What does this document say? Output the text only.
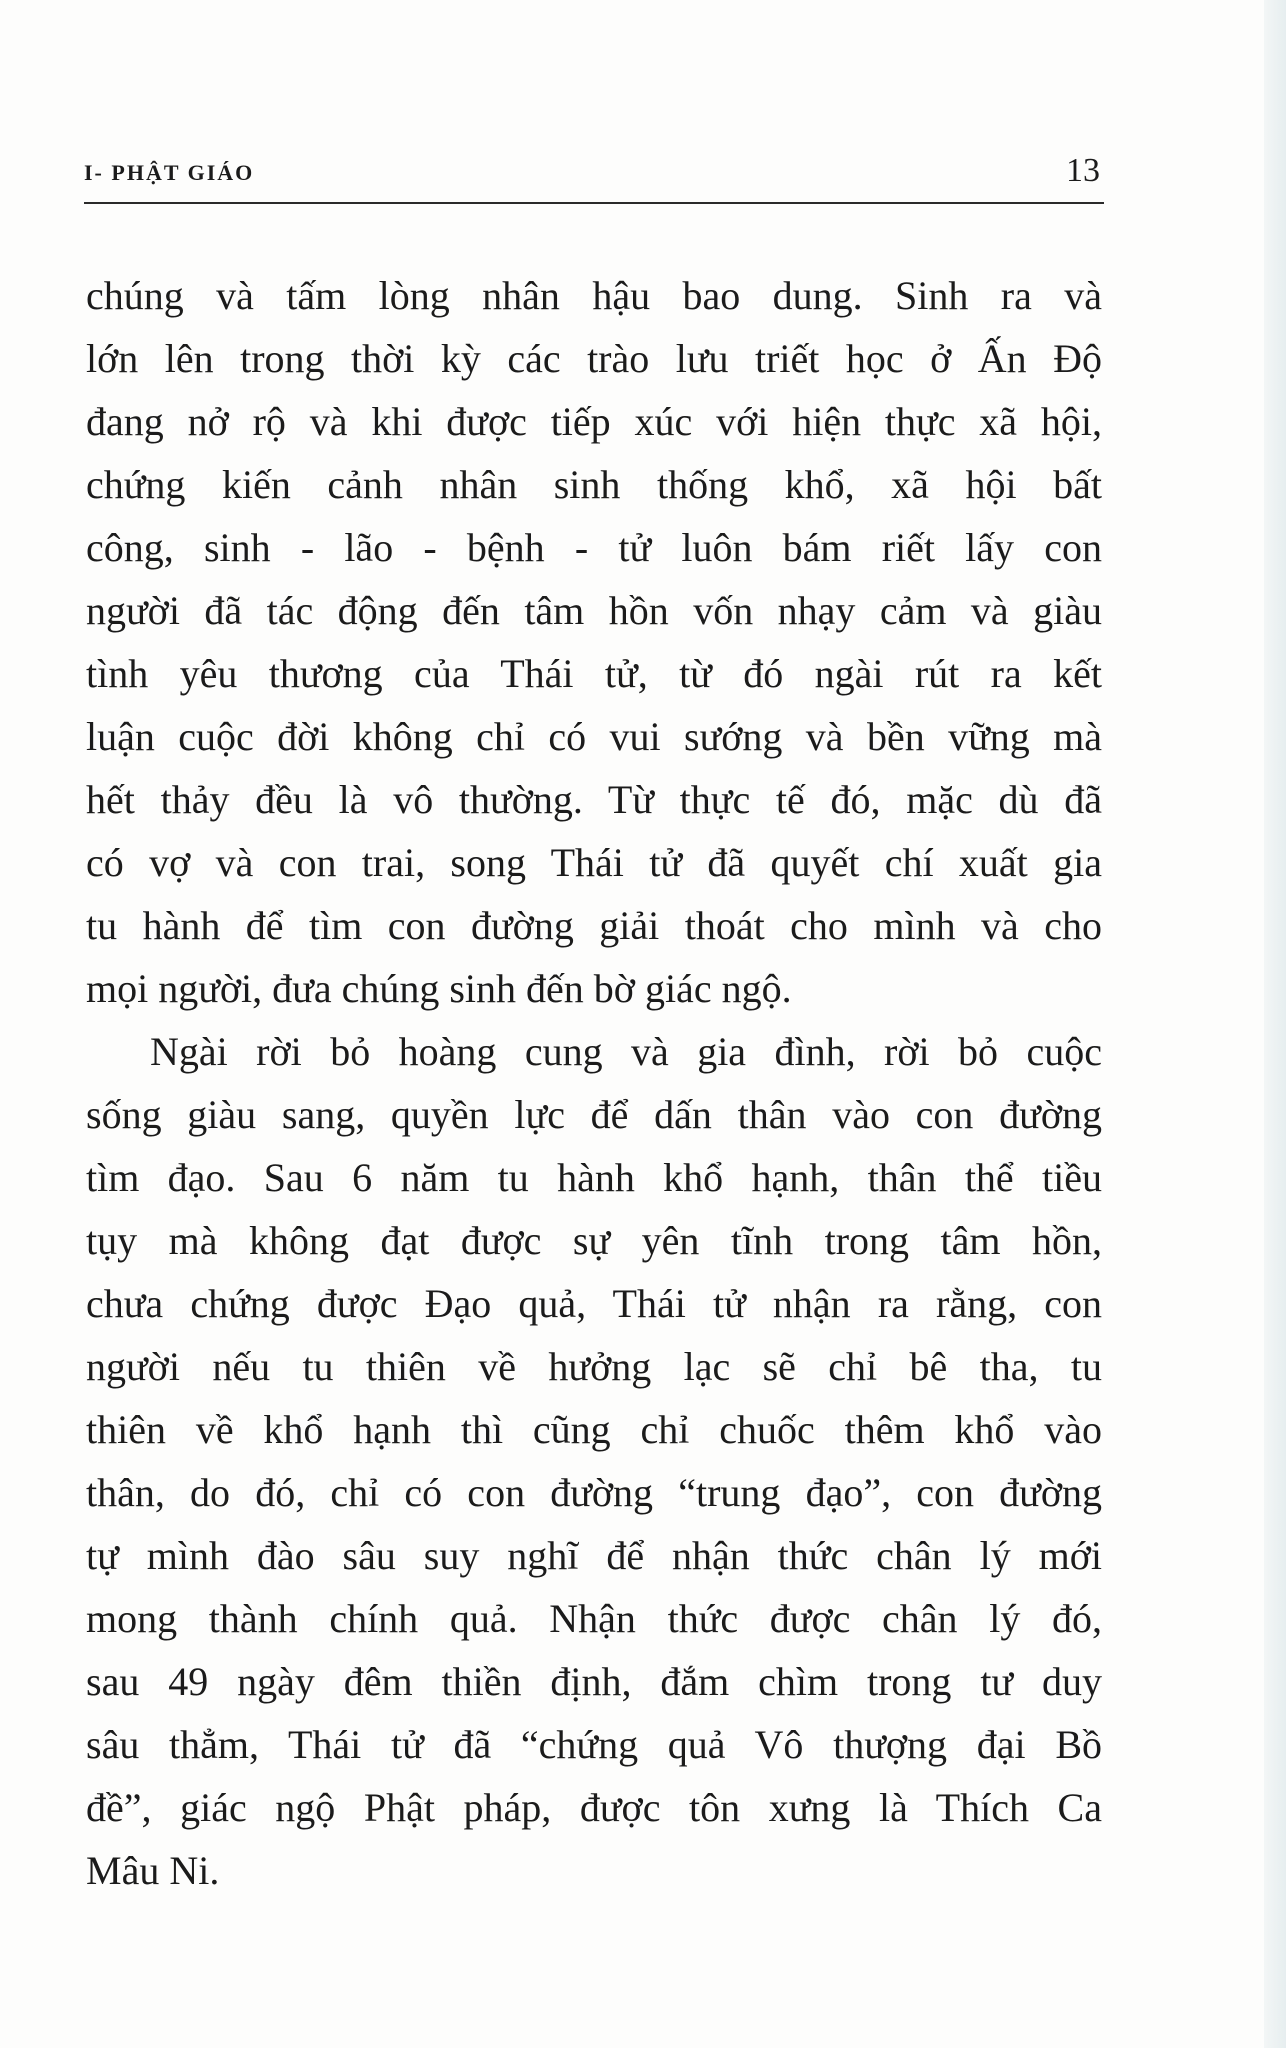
I- PHẬT GIÁO	13
chúng và tấm lòng nhân hậu bao dung. Sinh ra và
lớn lên trong thời kỳ các trào lưu triết học ở Ấn Độ
đang nở rộ và khi được tiếp xúc với hiện thực xã hội,
chứng kiến cảnh nhân sinh thống khổ, xã hội bất
công, sinh - lão - bệnh - tử luôn bám riết lấy con
người đã tác động đến tâm hồn vốn nhạy cảm và giàu
tình yêu thương của Thái tử, từ đó ngài rút ra kết
luận cuộc đời không chỉ có vui sướng và bền vững mà
hết thảy đều là vô thường. Từ thực tế đó, mặc dù đã
có vợ và con trai, song Thái tử đã quyết chí xuất gia
tu hành để tìm con đường giải thoát cho mình và cho
mọi người, đưa chúng sinh đến bờ giác ngộ.
Ngài rời bỏ hoàng cung và gia đình, rời bỏ cuộc
sống giàu sang, quyền lực để dấn thân vào con đường
tìm đạo. Sau 6 năm tu hành khổ hạnh, thân thể tiều
tụy mà không đạt được sự yên tĩnh trong tâm hồn,
chưa chứng được Đạo quả, Thái tử nhận ra rằng, con
người nếu tu thiên về hưởng lạc sẽ chỉ bê tha, tu
thiên về khổ hạnh thì cũng chỉ chuốc thêm khổ vào
thân, do đó, chỉ có con đường “trung đạo”, con đường
tự mình đào sâu suy nghĩ để nhận thức chân lý mới
mong thành chính quả. Nhận thức được chân lý đó,
sau 49 ngày đêm thiền định, đắm chìm trong tư duy
sâu thẳm, Thái tử đã “chứng quả Vô thượng đại Bồ
đề”, giác ngộ Phật pháp, được tôn xưng là Thích Ca
Mâu Ni.
